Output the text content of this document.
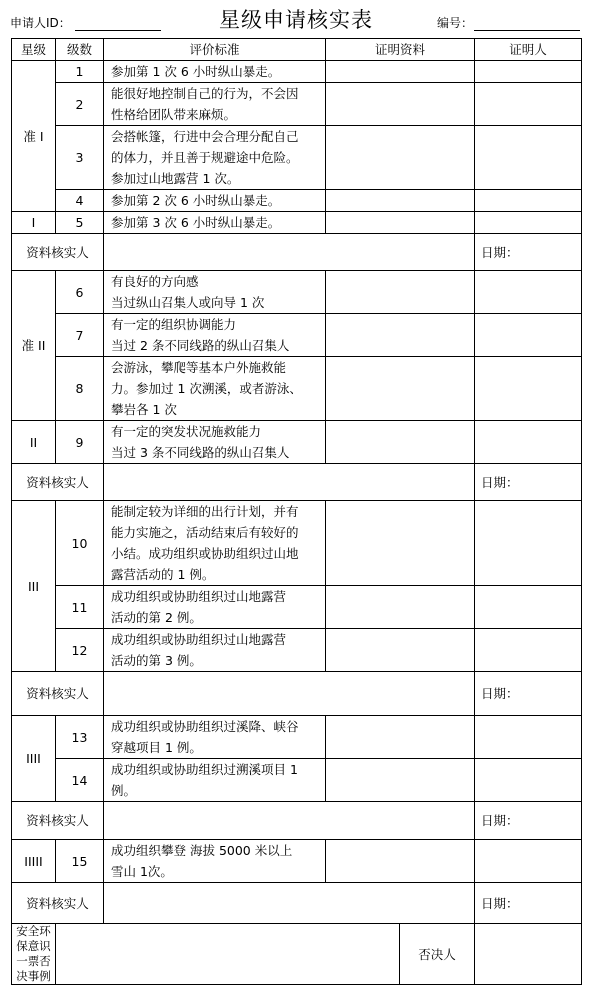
申请人ID：	星级申请核实表	编号：
星级	级数	评价标准	证明资料		证明人
准 I	1	参加第 1 次 6 小时纵山暴走。			

	2	能很好地控制自己的行为，不会因
性格给团队带来麻烦。			

	3	会搭帐篷，行进中会合理分配自己
的体力，并且善于规避途中危险。
参加过山地露营 1 次。			

	4	参加第 2 次 6 小时纵山暴走。			

I	5	参加第 3 次 6 小时纵山暴走。			

资料核实人					日期：
准 II	6	有良好的方向感
当过纵山召集人或向导 1 次			

	7	有一定的组织协调能力
当过 2 条不同线路的纵山召集人			

	8	会游泳，攀爬等基本户外施救能
力。参加过 1 次溯溪，或者游泳、
攀岩各 1 次			

II	9	有一定的突发状况施救能力
当过 3 条不同线路的纵山召集人			

资料核实人					日期：
III	10	能制定较为详细的出行计划，并有
能力实施之，活动结束后有较好的
小结。成功组织或协助组织过山地
露营活动的 1 例。			

	11	成功组织或协助组织过山地露营
活动的第 2 例。			

	12	成功组织或协助组织过山地露营
活动的第 3 例。			

资料核实人					日期：
IIII	13	成功组织或协助组织过溪降、峡谷
穿越项目 1 例。			

	14	成功组织或协助组织过溯溪项目 1
例。			

资料核实人					日期：
IIIII	15	成功组织攀登 海拔 5000 米以上
雪山 1次。			

资料核实人					日期：

安全环保意识
一票否决事例				否决人	
